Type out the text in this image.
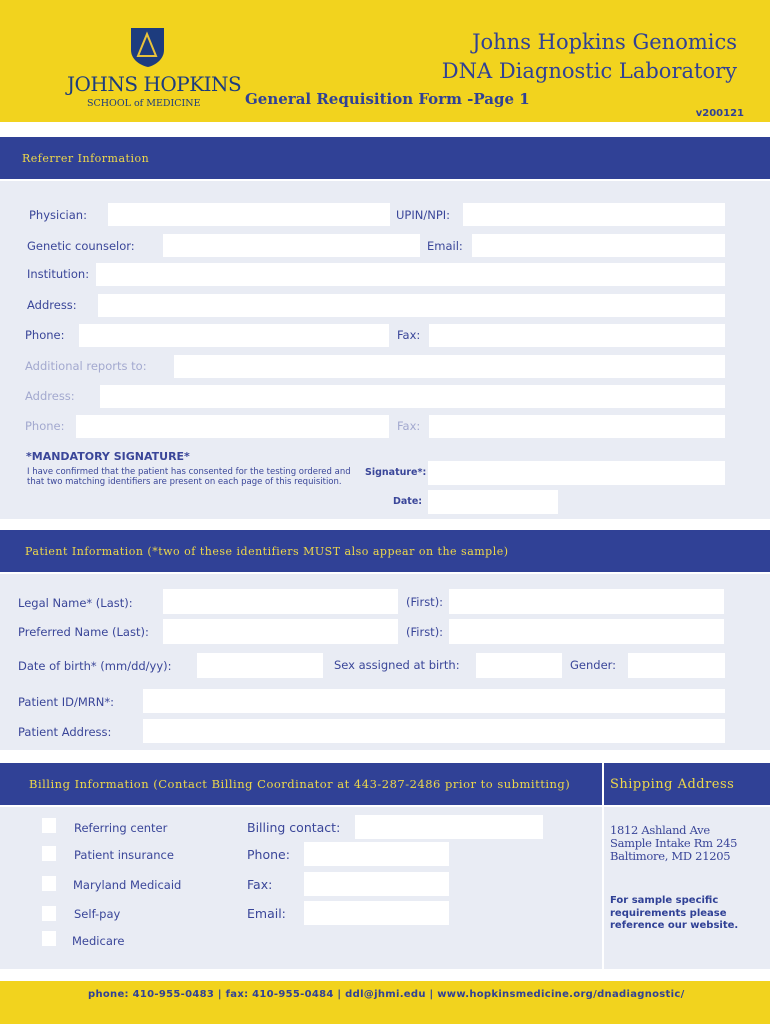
JOHNS HOPKINS
SCHOOL of MEDICINE
Johns Hopkins Genomics
DNA Diagnostic Laboratory
General Requisition Form -Page 1
v200121
Referrer Information
Physician:	UPIN/NPI:
Genetic counselor:	Email:
Institution:
Address:
Phone:	Fax:
Additional reports to:
Address:
Phone:	Fax:
*MANDATORY SIGNATURE*
I have confirmed that the patient has consented for the testing ordered and that two matching identifiers are present on each page of this requisition.
Signature*:
Date:
Patient Information (*two of these identifiers MUST also appear on the sample)
Legal Name* (Last):	(First):
Preferred Name (Last):	(First):
Date of birth* (mm/dd/yy):	Sex assigned at birth:	Gender:
Patient ID/MRN*:
Patient Address:
Billing Information (Contact Billing Coordinator at 443-287-2486 prior to submitting)
Referring center
Patient insurance
Maryland Medicaid
Self-pay
Medicare
Billing contact:
Phone:
Fax:
Email:
Shipping Address
1812 Ashland Ave
Sample Intake Rm 245
Baltimore, MD 21205
For sample specific requirements please reference our website.
phone: 410-955-0483 | fax: 410-955-0484 | ddl@jhmi.edu | www.hopkinsmedicine.org/dnadiagnostic/
